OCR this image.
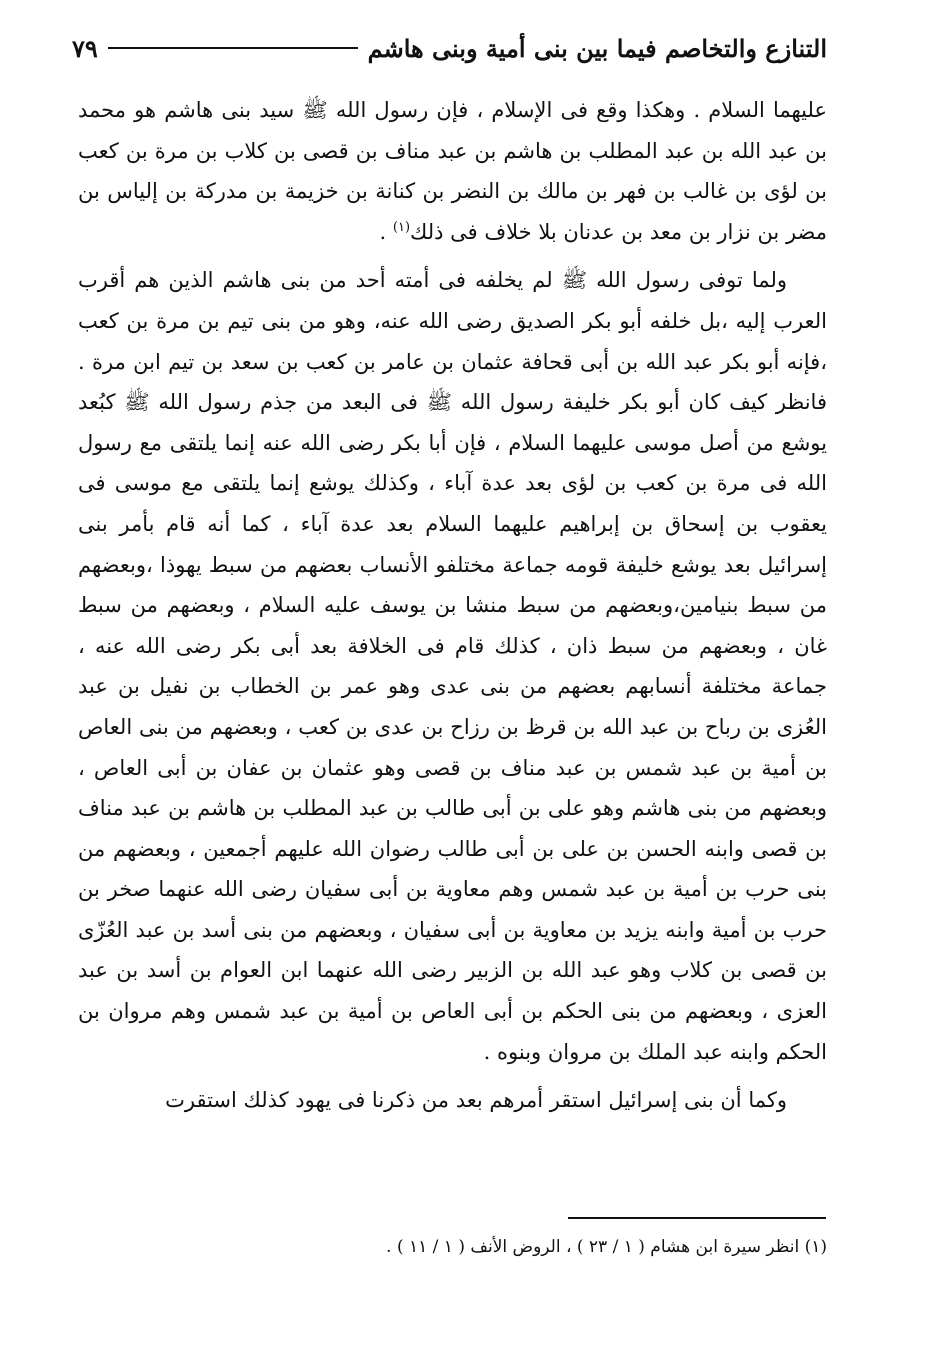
التنازع والتخاصم فيما بين بنى أمية وبنى هاشم
٧٩

عليهما السلام . وهكذا وقع فى الإسلام ، فإن رسول الله ﷺ سيد بنى هاشم هو محمد بن عبد الله بن عبد المطلب بن هاشم بن عبد مناف بن قصى بن كلاب بن مرة بن كعب بن لؤى بن غالب بن فهر بن مالك بن النضر بن كنانة بن خزيمة بن مدركة بن إلياس بن مضر بن نزار بن معد بن عدنان بلا خلاف فى ذلك$^{(١)}$ .

ولما توفى رسول الله ﷺ لم يخلفه فى أمته أحد من بنى هاشم الذين هم أقرب العرب إليه ،بل خلفه أبو بكر الصديق رضى الله عنه، وهو من بنى تيم بن مرة بن كعب ،فإنه أبو بكر عبد الله بن أبى قحافة عثمان بن عامر بن كعب بن سعد بن تيم ابن مرة . فانظر كيف كان أبو بكر خليفة رسول الله ﷺ فى البعد من جذم رسول الله ﷺ كبُعد يوشع من أصل موسى عليهما السلام ، فإن أبا بكر رضى الله عنه إنما يلتقى مع رسول الله فى مرة بن كعب بن لؤى بعد عدة آباء ، وكذلك يوشع إنما يلتقى مع موسى فى يعقوب بن إسحاق بن إبراهيم عليهما السلام بعد عدة آباء ، كما أنه قام بأمر بنى إسرائيل بعد يوشع خليفة قومه جماعة مختلفو الأنساب بعضهم من سبط يهوذا ،وبعضهم من سبط بنيامين،وبعضهم من سبط منشا بن يوسف عليه السلام ، وبعضهم من سبط غان ، وبعضهم من سبط ذان ، كذلك قام فى الخلافة بعد أبى بكر رضى الله عنه ، جماعة مختلفة أنسابهم بعضهم من بنى عدى وهو عمر بن الخطاب بن نفيل بن عبد العُزى بن رباح بن عبد الله بن قرظ بن رزاح بن عدى بن كعب ، وبعضهم من بنى العاص بن أمية بن عبد شمس بن عبد مناف بن قصى وهو عثمان بن عفان بن أبى العاص ، وبعضهم من بنى هاشم وهو على بن أبى طالب بن عبد المطلب بن هاشم بن عبد مناف بن قصى وابنه الحسن بن على بن أبى طالب رضوان الله عليهم أجمعين ، وبعضهم من بنى حرب بن أمية بن عبد شمس وهم معاوية بن أبى سفيان رضى الله عنهما صخر بن حرب بن أمية وابنه يزيد بن معاوية بن أبى سفيان ، وبعضهم من بنى أسد بن عبد العُزّى بن قصى بن كلاب وهو عبد الله بن الزبير رضى الله عنهما ابن العوام بن أسد بن عبد العزى ، وبعضهم من بنى الحكم بن أبى العاص بن أمية بن عبد شمس وهم مروان بن الحكم وابنه عبد الملك بن مروان وبنوه .

وكما أن بنى إسرائيل استقر أمرهم بعد من ذكرنا فى يهود كذلك استقرت

(١) انظر سيرة ابن هشام ( ١ / ٢٣ ) ، الروض الأنف ( ١ / ١١ ) .
